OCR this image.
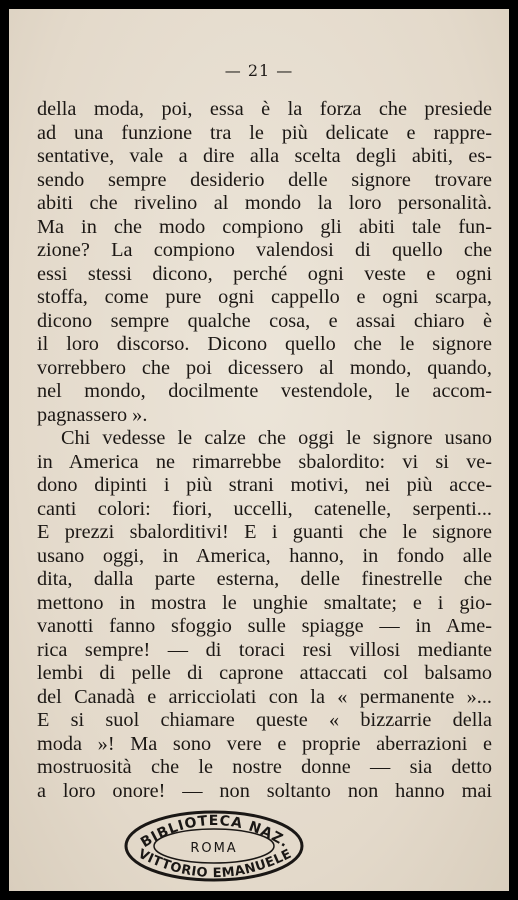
— 21 —
della moda, poi, essa è la forza che presiede
ad una funzione tra le più delicate e rappre-
sentative, vale a dire alla scelta degli abiti, es-
sendo sempre desiderio delle signore trovare
abiti che rivelino al mondo la loro personalità.
Ma in che modo compiono gli abiti tale fun-
zione? La compiono valendosi di quello che
essi stessi dicono, perché ogni veste e ogni
stoffa, come pure ogni cappello e ogni scarpa,
dicono sempre qualche cosa, e assai chiaro è
il loro discorso. Dicono quello che le signore
vorrebbero che poi dicessero al mondo, quando,
nel mondo, docilmente vestendole, le accom-
pagnassero ».
Chi vedesse le calze che oggi le signore usano
in America ne rimarrebbe sbalordito: vi si ve-
dono dipinti i più strani motivi, nei più acce-
canti colori: fiori, uccelli, catenelle, serpenti...
E prezzi sbalorditivi! E i guanti che le signore
usano oggi, in America, hanno, in fondo alle
dita, dalla parte esterna, delle finestrelle che
mettono in mostra le unghie smaltate; e i gio-
vanotti fanno sfoggio sulle spiagge — in Ame-
rica sempre! — di toraci resi villosi mediante
lembi di pelle di caprone attaccati col balsamo
del Canadà e arricciolati con la « permanente »...
E si suol chiamare queste « bizzarrie della
moda »! Ma sono vere e proprie aberrazioni e
mostruosità che le nostre donne — sia detto
a loro onore! — non soltanto non hanno mai
BIBLIOTECA NAZ.
ROMA
VITTORIO EMANUELE
